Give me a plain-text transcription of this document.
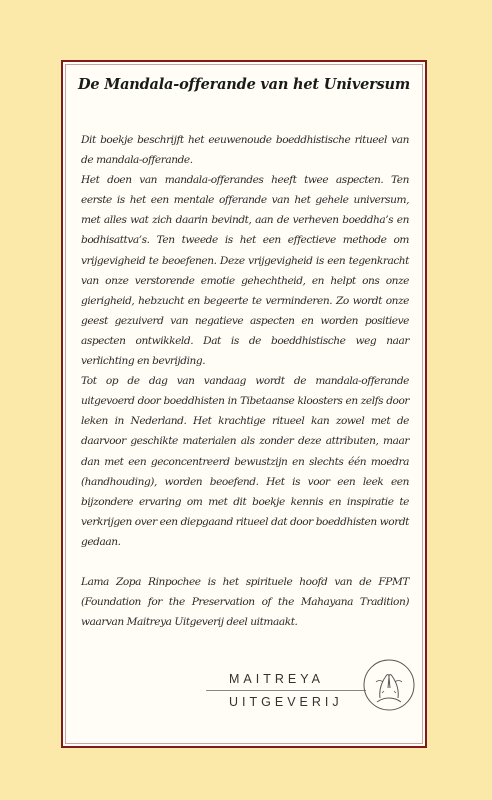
De Mandala-offerande van het Universum

Dit boekje beschrijft het eeuwenoude boeddhistische ritueel van de mandala-offerande.

Het doen van mandala-offerandes heeft twee aspecten. Ten eerste is het een mentale offerande van het gehele universum, met alles wat zich daarin bevindt, aan de verheven boeddha’s en bodhisattva’s. Ten tweede is het een effectieve methode om vrijgevigheid te beoefenen. Deze vrijgevigheid is een tegenkracht van onze verstorende emotie gehechtheid, en helpt ons onze gierigheid, hebzucht en begeerte te verminderen. Zo wordt onze geest gezuiverd van negatieve aspecten en worden positieve aspecten ontwikkeld. Dat is de boeddhistische weg naar verlichting en bevrijding.

Tot op de dag van vandaag wordt de mandala-offerande uitgevoerd door boeddhisten in Tibetaanse kloosters en zelfs door leken in Nederland. Het krachtige ritueel kan zowel met de daarvoor geschikte materialen als zonder deze attributen, maar dan met een geconcentreerd bewustzijn en slechts één moedra (handhouding), worden beoefend. Het is voor een leek een bijzondere ervaring om met dit boekje kennis en inspiratie te verkrijgen over een diepgaand ritueel dat door boeddhisten wordt gedaan.

Lama Zopa Rinpochee is het spirituele hoofd van de FPMT (Foundation for the Preservation of the Mahayana Tradition) waarvan Maitreya Uitgeverij deel uitmaakt.

MAITREYA
UITGEVERIJ
